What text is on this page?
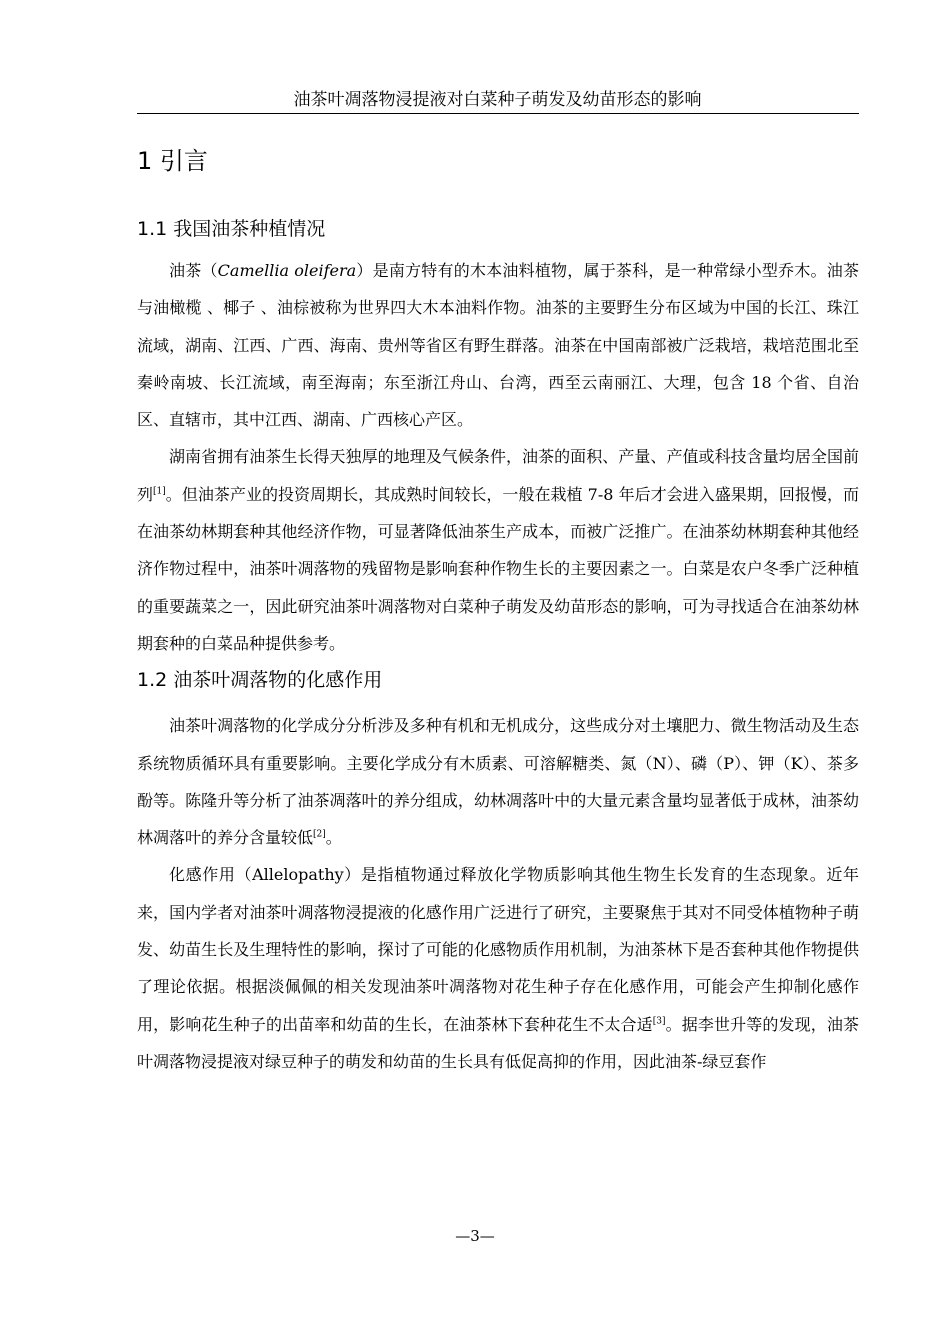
油茶叶凋落物浸提液对白菜种子萌发及幼苗形态的影响
1 引言
1.1 我国油茶种植情况

油茶（Camellia oleifera）是南方特有的木本油料植物，属于茶科，是一种常绿小型乔木。油茶与油橄榄 、椰子 、油棕被称为世界四大木本油料作物。油茶的主要野生分布区域为中国的长江、珠江流域，湖南、江西、广西、海南、贵州等省区有野生群落。油茶在中国南部被广泛栽培，栽培范围北至秦岭南坡、长江流域，南至海南；东至浙江舟山、台湾，西至云南丽江、大理，包含 18 个省、自治区、直辖市，其中江西、湖南、广西核心产区。

湖南省拥有油茶生长得天独厚的地理及气候条件，油茶的面积、产量、产值或科技含量均居全国前列[1]。但油茶产业的投资周期长，其成熟时间较长，一般在栽植 7-8 年后才会进入盛果期，回报慢，而在油茶幼林期套种其他经济作物，可显著降低油茶生产成本，而被广泛推广。在油茶幼林期套种其他经济作物过程中，油茶叶凋落物的残留物是影响套种作物生长的主要因素之一。白菜是农户冬季广泛种植的重要蔬菜之一，因此研究油茶叶凋落物对白菜种子萌发及幼苗形态的影响，可为寻找适合在油茶幼林期套种的白菜品种提供参考。

1.2 油茶叶凋落物的化感作用

油茶叶凋落物的化学成分分析涉及多种有机和无机成分，这些成分对土壤肥力、微生物活动及生态系统物质循环具有重要影响。主要化学成分有木质素、可溶解糖类、氮（N）、磷（P）、钾（K）、茶多酚等。陈隆升等分析了油茶凋落叶的养分组成，幼林凋落叶中的大量元素含量均显著低于成林，油茶幼林凋落叶的养分含量较低[2]。

化感作用（Allelopathy）是指植物通过释放化学物质影响其他生物生长发育的生态现象。近年来，国内学者对油茶叶凋落物浸提液的化感作用广泛进行了研究，主要聚焦于其对不同受体植物种子萌发、幼苗生长及生理特性的影响，探讨了可能的化感物质作用机制，为油茶林下是否套种其他作物提供了理论依据。根据淡佩佩的相关发现油茶叶凋落物对花生种子存在化感作用，可能会产生抑制化感作用，影响花生种子的出苗率和幼苗的生长，在油茶林下套种花生不太合适[3]。据李世升等的发现，油茶叶凋落物浸提液对绿豆种子的萌发和幼苗的生长具有低促高抑的作用，因此油茶-绿豆套作

—3—
